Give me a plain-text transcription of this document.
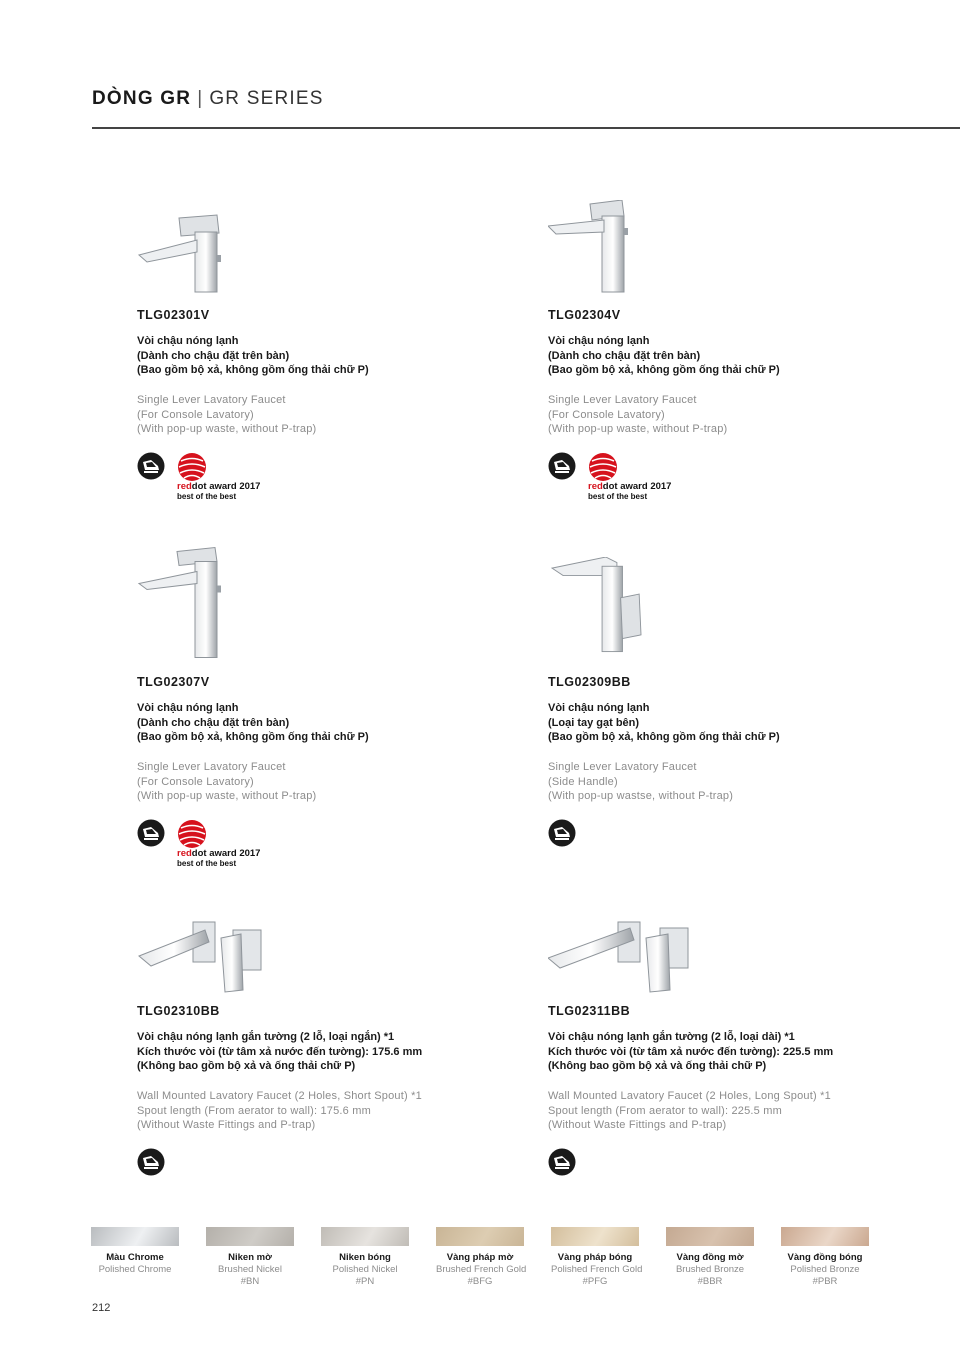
DÒNG GR | GR SERIES
TLG02301V
Vòi chậu nóng lạnh
(Dành cho chậu đặt trên bàn)
(Bao gồm bộ xả, không gồm ống thải chữ P)
Single Lever Lavatory Faucet
(For Console Lavatory)
(With pop-up waste, without P-trap)
reddot award 2017
best of the best
TLG02304V
Vòi chậu nóng lạnh
(Dành cho chậu đặt trên bàn)
(Bao gồm bộ xả, không gồm ống thải chữ P)
Single Lever Lavatory Faucet
(For Console Lavatory)
(With pop-up waste, without P-trap)
reddot award 2017
best of the best
TLG02307V
Vòi chậu nóng lạnh
(Dành cho chậu đặt trên bàn)
(Bao gồm bộ xả, không gồm ống thải chữ P)
Single Lever Lavatory Faucet
(For Console Lavatory)
(With pop-up waste, without P-trap)
reddot award 2017
best of the best
TLG02309BB
Vòi chậu nóng lạnh
(Loại tay gạt bên)
(Bao gồm bộ xả, không gồm ống thải chữ P)
Single Lever Lavatory Faucet
(Side Handle)
(With pop-up wastse, without P-trap)
TLG02310BB
Vòi chậu nóng lạnh gắn tường (2 lỗ, loại ngắn) *1
Kích thước vòi (từ tâm xả nước đến tường): 175.6 mm
(Không bao gồm bộ xả và ống thải chữ P)
Wall Mounted Lavatory Faucet (2 Holes, Short Spout) *1
Spout length (From aerator to wall): 175.6 mm
(Without Waste Fittings and P-trap)
TLG02311BB
Vòi chậu nóng lạnh gắn tường (2 lỗ, loại dài) *1
Kích thước vòi (từ tâm xả nước đến tường): 225.5 mm
(Không bao gồm bộ xả và ống thải chữ P)
Wall Mounted Lavatory Faucet (2 Holes, Long Spout) *1
Spout length (From aerator to wall): 225.5 mm
(Without Waste Fittings and P-trap)
Màu Chrome
Polished Chrome
Niken mờ
Brushed Nickel
#BN
Niken bóng
Polished Nickel
#PN
Vàng pháp mờ
Brushed French Gold
#BFG
Vàng pháp bóng
Polished French Gold
#PFG
Vàng đồng mờ
Brushed Bronze
#BBR
Vàng đồng bóng
Polished Bronze
#PBR
212
